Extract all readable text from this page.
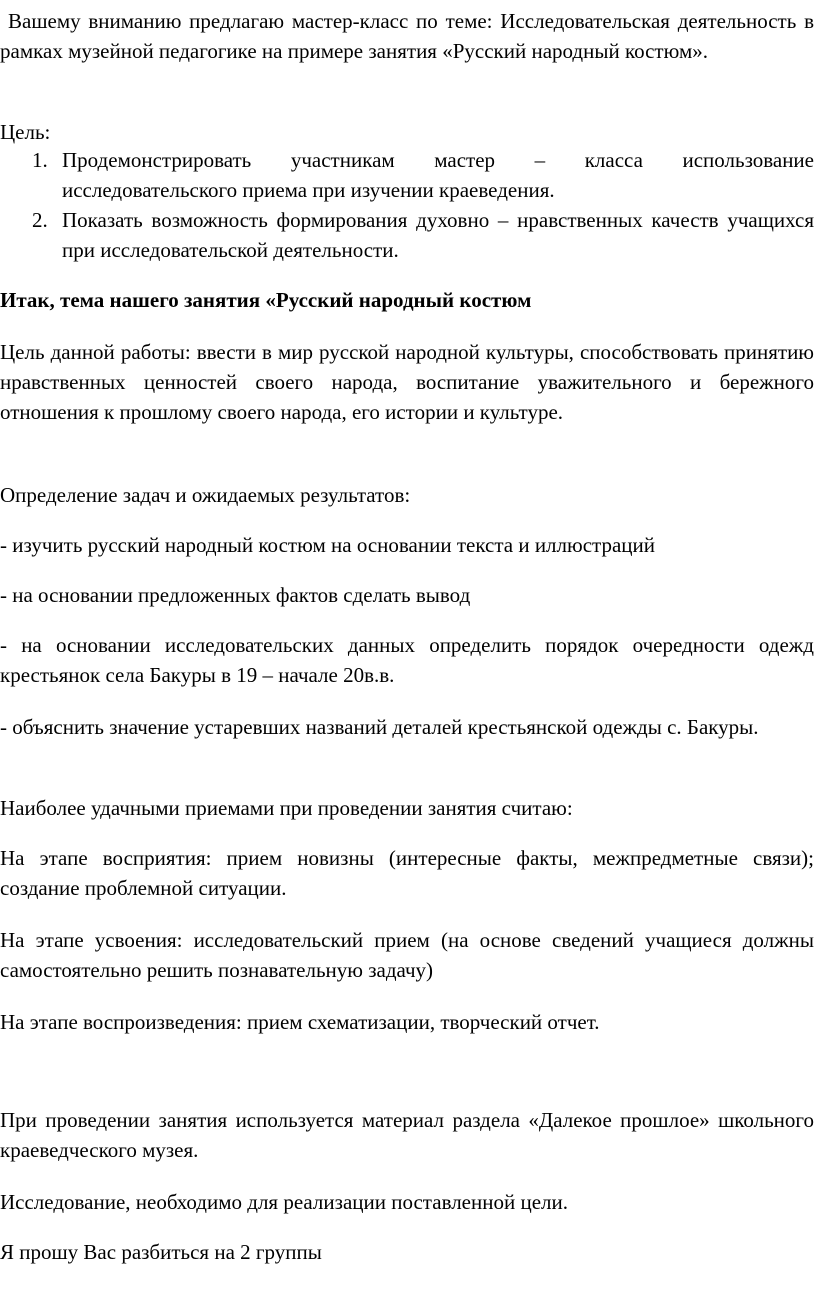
Вашему вниманию предлагаю мастер-класс по теме: Исследовательская деятельность в рамках музейной педагогике на примере занятия «Русский народный костюм».

Цель:

1. Продемонстрировать участникам мастер – класса использование исследовательского приема при изучении краеведения.
2. Показать возможность формирования духовно – нравственных качеств учащихся при исследовательской деятельности.

Итак, тема нашего занятия «Русский народный костюм

Цель данной работы: ввести в мир русской народной культуры, способствовать принятию нравственных ценностей своего народа, воспитание уважительного и бережного отношения к прошлому своего народа, его истории и культуре.

Определение задач и ожидаемых результатов:

- изучить русский народный костюм на основании текста и иллюстраций

- на основании предложенных фактов сделать вывод

- на основании исследовательских данных определить порядок очередности одежд крестьянок села Бакуры в 19 – начале 20в.в.

- объяснить значение устаревших названий деталей крестьянской одежды с. Бакуры.

Наиболее удачными приемами при проведении занятия считаю:

На этапе восприятия: прием новизны (интересные факты, межпредметные связи); создание проблемной ситуации.

На этапе усвоения: исследовательский прием (на основе сведений учащиеся должны самостоятельно решить познавательную задачу)

На этапе воспроизведения: прием схематизации, творческий отчет.

При проведении занятия используется материал раздела «Далекое прошлое» школьного краеведческого музея.

Исследование, необходимо для реализации поставленной цели.

Я прошу Вас разбиться на 2 группы
